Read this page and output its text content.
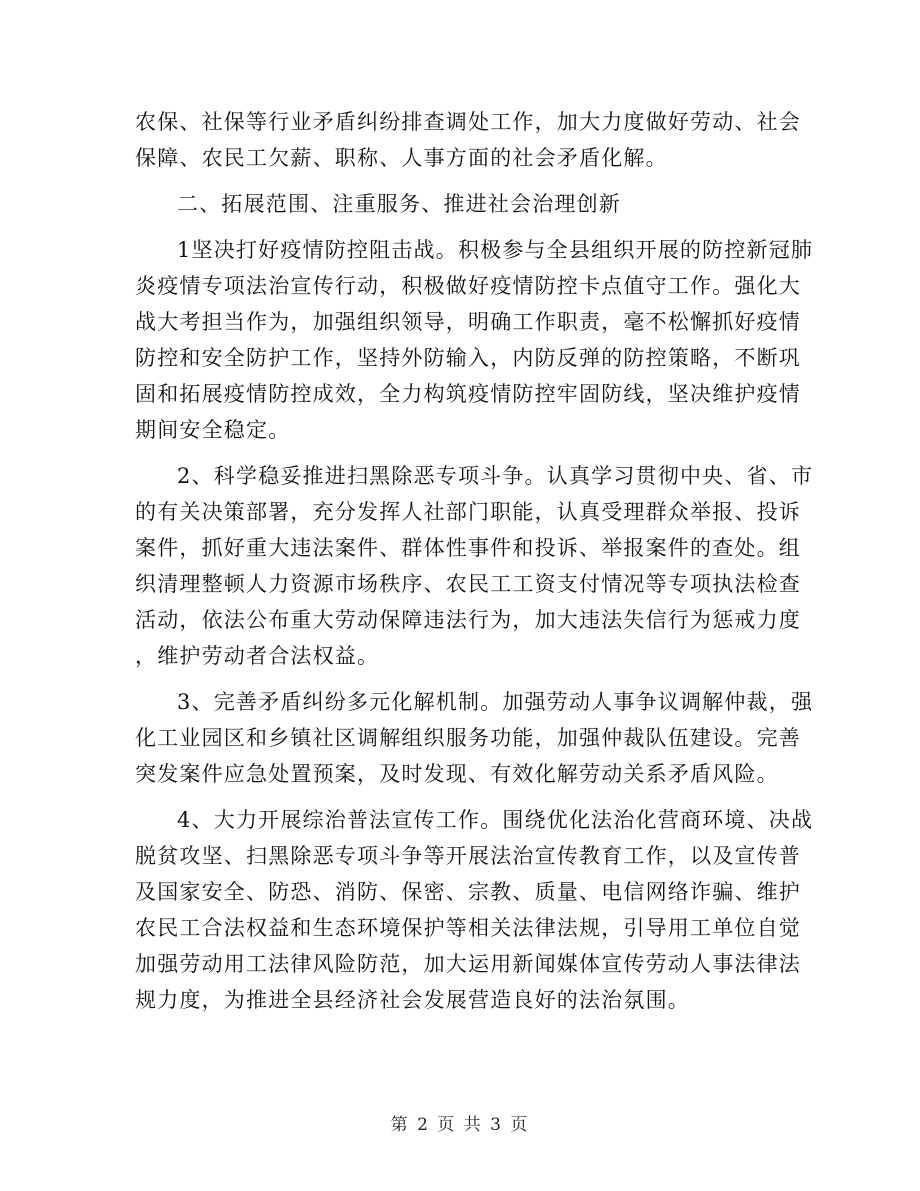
农保、社保等行业矛盾纠纷排查调处工作，加大力度做好劳动、社会
保障、农民工欠薪、职称、人事方面的社会矛盾化解。
二、拓展范围、注重服务、推进社会治理创新
1坚决打好疫情防控阻击战。积极参与全县组织开展的防控新冠肺
炎疫情专项法治宣传行动，积极做好疫情防控卡点值守工作。强化大
战大考担当作为，加强组织领导，明确工作职责，毫不松懈抓好疫情
防控和安全防护工作，坚持外防输入，内防反弹的防控策略，不断巩
固和拓展疫情防控成效，全力构筑疫情防控牢固防线，坚决维护疫情
期间安全稳定。
2、科学稳妥推进扫黑除恶专项斗争。认真学习贯彻中央、省、市
的有关决策部署，充分发挥人社部门职能，认真受理群众举报、投诉
案件，抓好重大违法案件、群体性事件和投诉、举报案件的查处。组
织清理整顿人力资源市场秩序、农民工工资支付情况等专项执法检查
活动，依法公布重大劳动保障违法行为，加大违法失信行为惩戒力度
，维护劳动者合法权益。
3、完善矛盾纠纷多元化解机制。加强劳动人事争议调解仲裁，强
化工业园区和乡镇社区调解组织服务功能，加强仲裁队伍建设。完善
突发案件应急处置预案，及时发现、有效化解劳动关系矛盾风险。
4、大力开展综治普法宣传工作。围绕优化法治化营商环境、决战
脱贫攻坚、扫黑除恶专项斗争等开展法治宣传教育工作，以及宣传普
及国家安全、防恐、消防、保密、宗教、质量、电信网络诈骗、维护
农民工合法权益和生态环境保护等相关法律法规，引导用工单位自觉
加强劳动用工法律风险防范，加大运用新闻媒体宣传劳动人事法律法
规力度，为推进全县经济社会发展营造良好的法治氛围。
第 2 页 共 3 页
